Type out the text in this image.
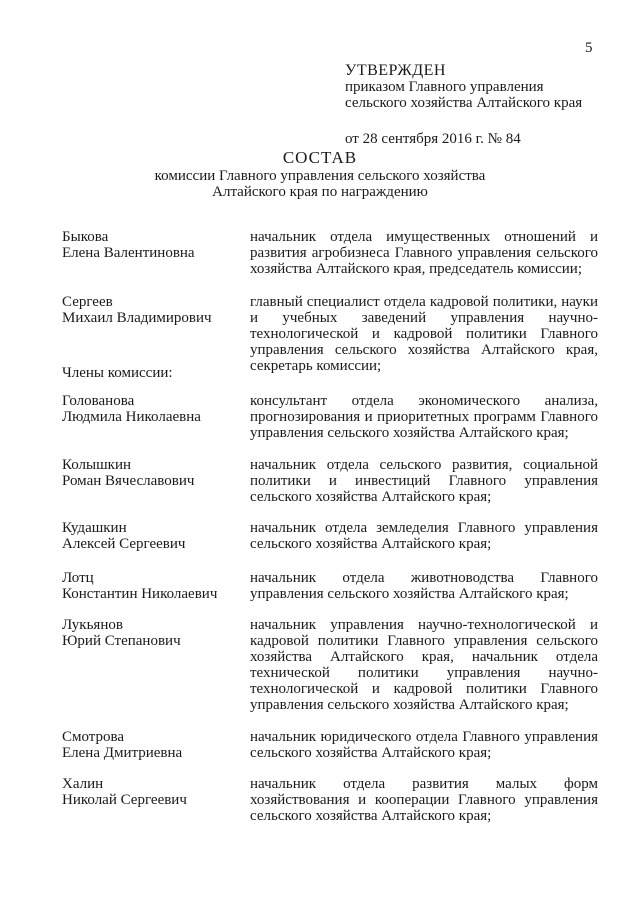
5
УТВЕРЖДЕН
приказом Главного управления
сельского хозяйства Алтайского края
от 28 сентября 2016 г. № 84
СОСТАВ
комиссии Главного управления сельского хозяйства
Алтайского края по награждению
Быкова
Елена Валентиновна
начальник отдела имущественных отношений и развития агробизнеса Главного управления сельского хозяйства Алтайского края, председатель комиссии;
Сергеев
Михаил Владимирович
главный специалист отдела кадровой политики, науки и учебных заведений управления научно-технологической и кадровой политики Главного управления сельского хозяйства Алтайского края, секретарь комиссии;
Члены комиссии:
Голованова
Людмила Николаевна
консультант отдела экономического анализа, прогнозирования и приоритетных программ Главного управления сельского хозяйства Алтайского края;
Колышкин
Роман Вячеславович
начальник отдела сельского развития, социальной политики и инвестиций Главного управления сельского хозяйства Алтайского края;
Кудашкин
Алексей Сергеевич
начальник отдела земледелия Главного управления сельского хозяйства Алтайского края;
Лотц
Константин Николаевич
начальник отдела животноводства Главного управления сельского хозяйства Алтайского края;
Лукьянов
Юрий Степанович
начальник управления научно-технологической и кадровой политики Главного управления сельского хозяйства Алтайского края, начальник отдела технической политики управления научно-технологической и кадровой политики Главного управления сельского хозяйства Алтайского края;
Смотрова
Елена Дмитриевна
начальник юридического отдела Главного управления сельского хозяйства Алтайского края;
Халин
Николай Сергеевич
начальник отдела развития малых форм хозяйствования и кооперации Главного управления сельского хозяйства Алтайского края;
